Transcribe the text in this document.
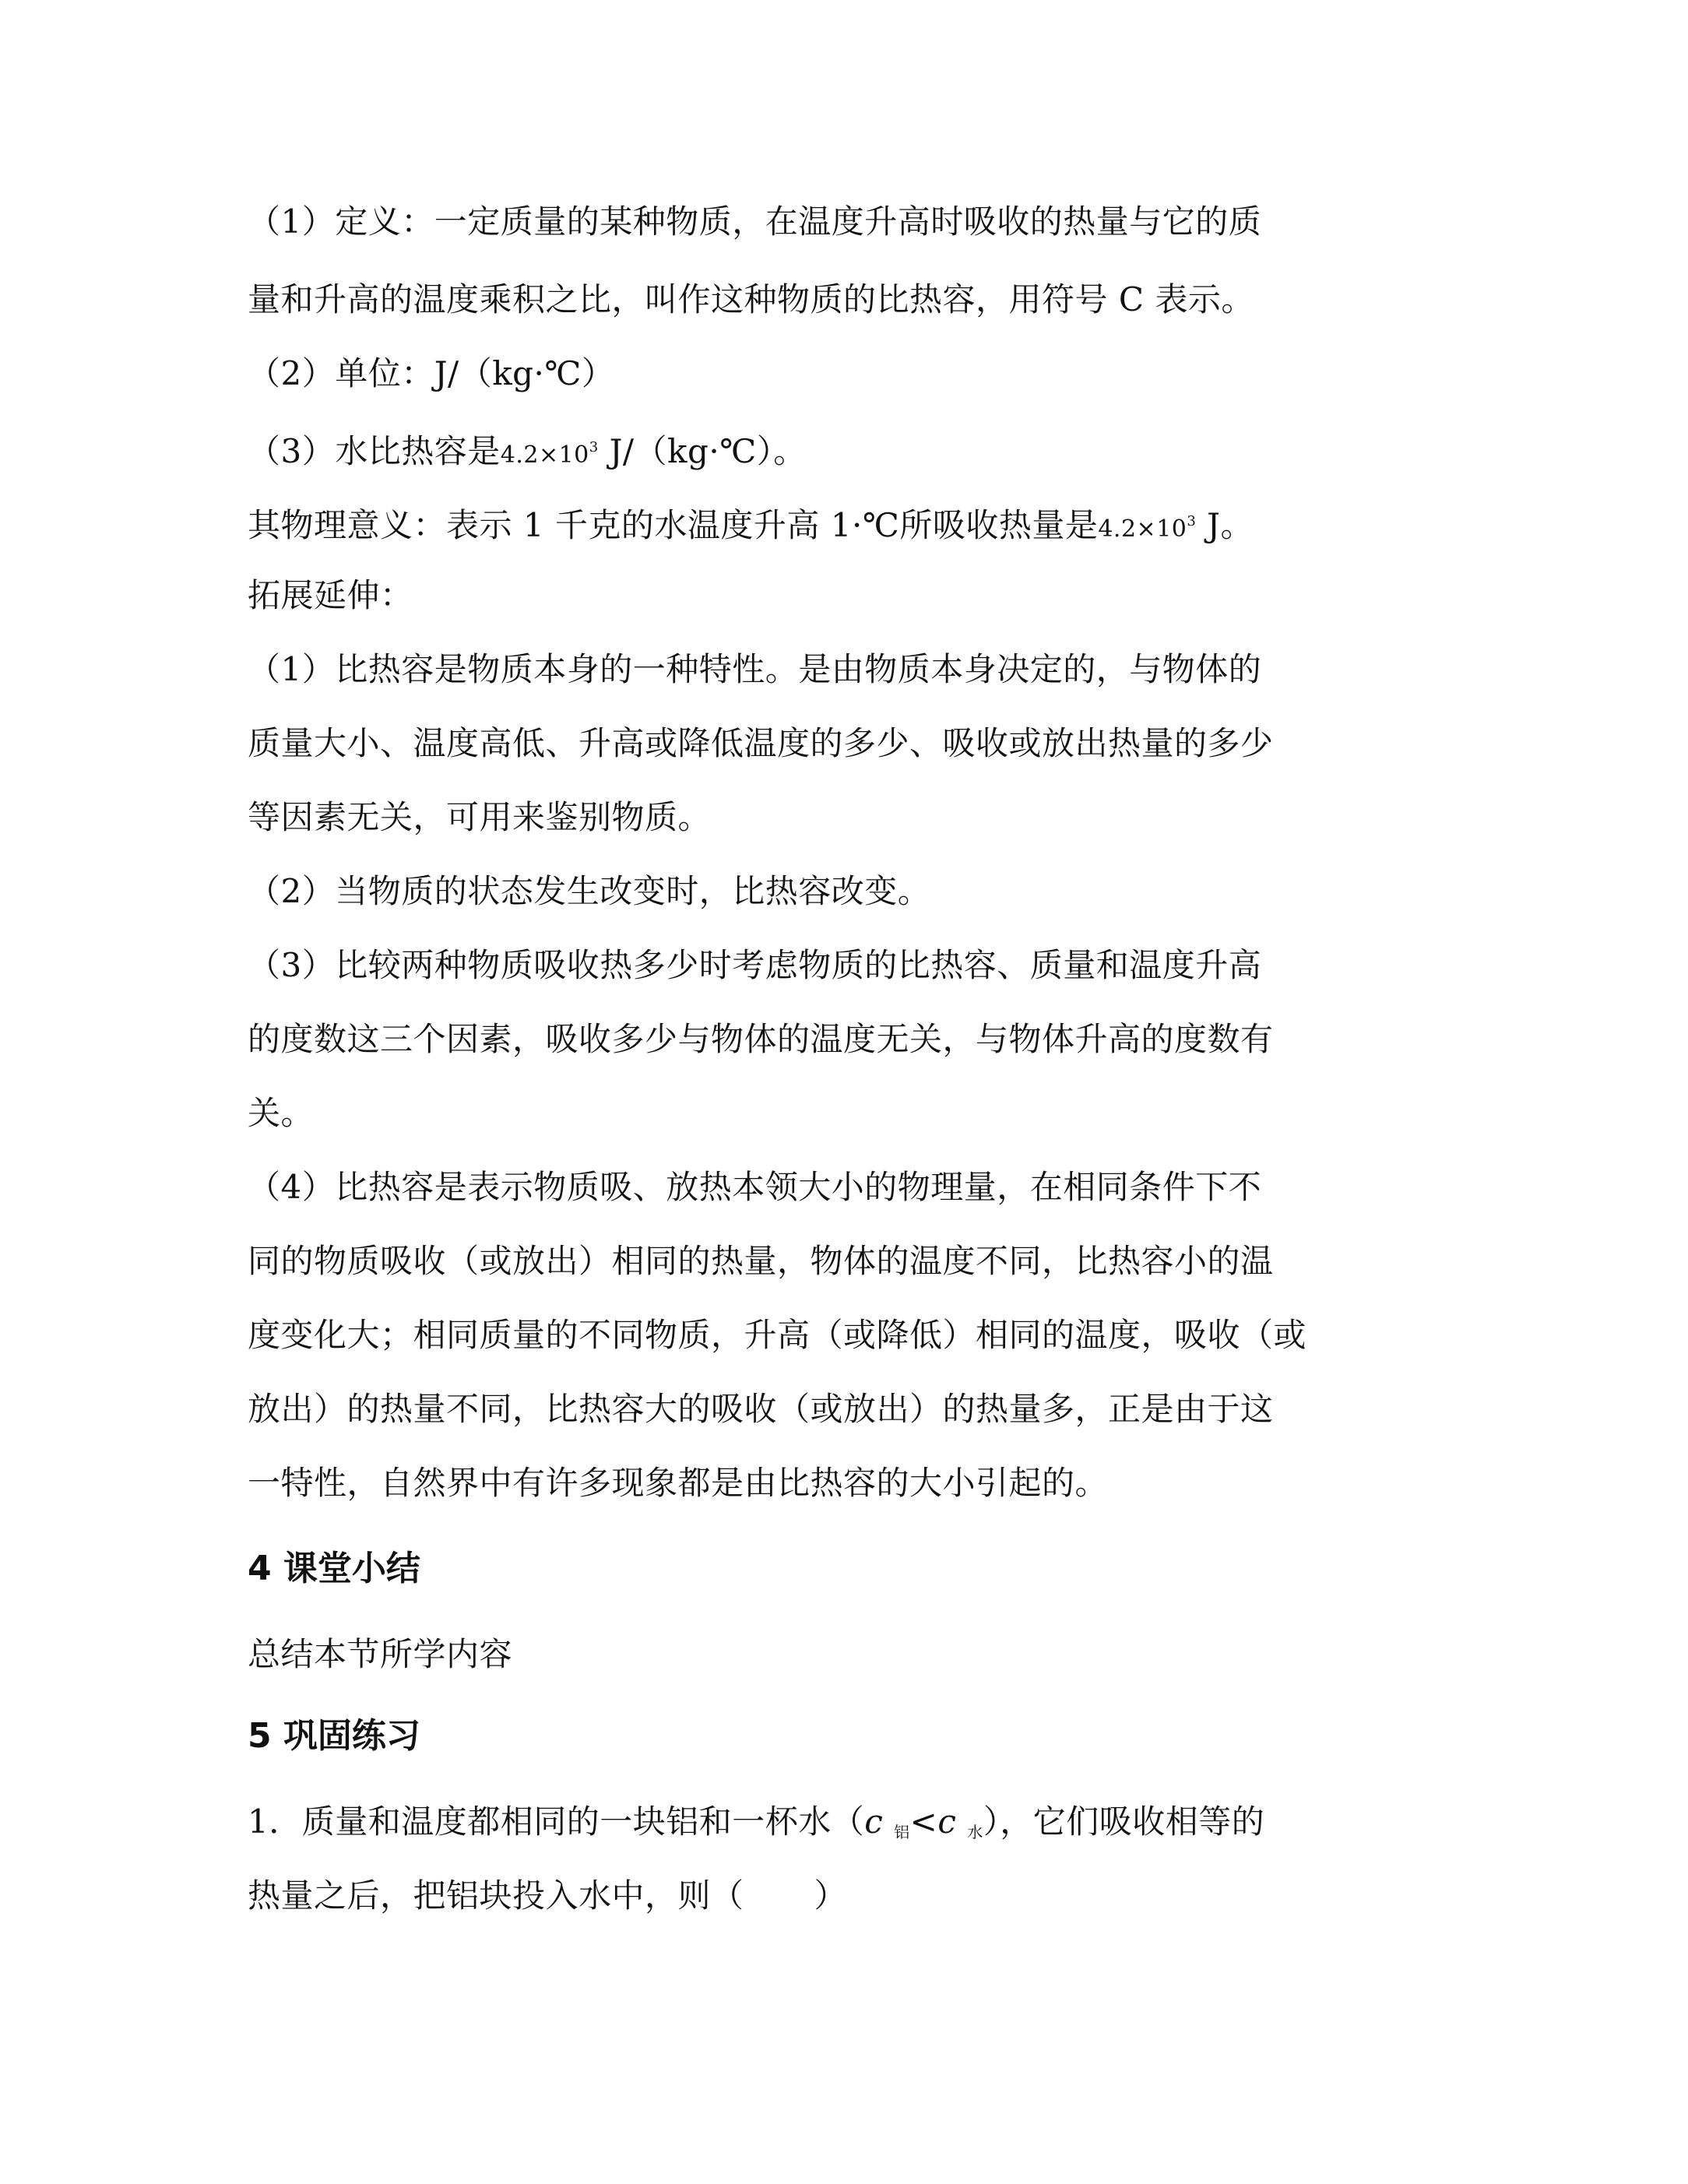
（1）定义：一定质量的某种物质，在温度升高时吸收的热量与它的质
量和升高的温度乘积之比，叫作这种物质的比热容，用符号 C 表示。
（2）单位：J/（kg·℃）
（3）水比热容是$4.2\times 10^3$ J/（kg·℃）。
其物理意义：表示 1 千克的水温度升高 1·℃所吸收热量是$4.2\times 10^3$ J。
拓展延伸：
（1）比热容是物质本身的一种特性。是由物质本身决定的，与物体的
质量大小、温度高低、升高或降低温度的多少、吸收或放出热量的多少
等因素无关，可用来鉴别物质。
（2）当物质的状态发生改变时，比热容改变。
（3）比较两种物质吸收热多少时考虑物质的比热容、质量和温度升高
的度数这三个因素，吸收多少与物体的温度无关，与物体升高的度数有
关。
（4）比热容是表示物质吸、放热本领大小的物理量，在相同条件下不
同的物质吸收（或放出）相同的热量，物体的温度不同，比热容小的温
度变化大；相同质量的不同物质，升高（或降低）相同的温度，吸收（或
放出）的热量不同，比热容大的吸收（或放出）的热量多，正是由于这
一特性，自然界中有许多现象都是由比热容的大小引起的。
4 课堂小结
总结本节所学内容
5 巩固练习
1．质量和温度都相同的一块铝和一杯水（c $_铝$<c $_水$），它们吸收相等的
热量之后，把铝块投入水中，则（ ）
